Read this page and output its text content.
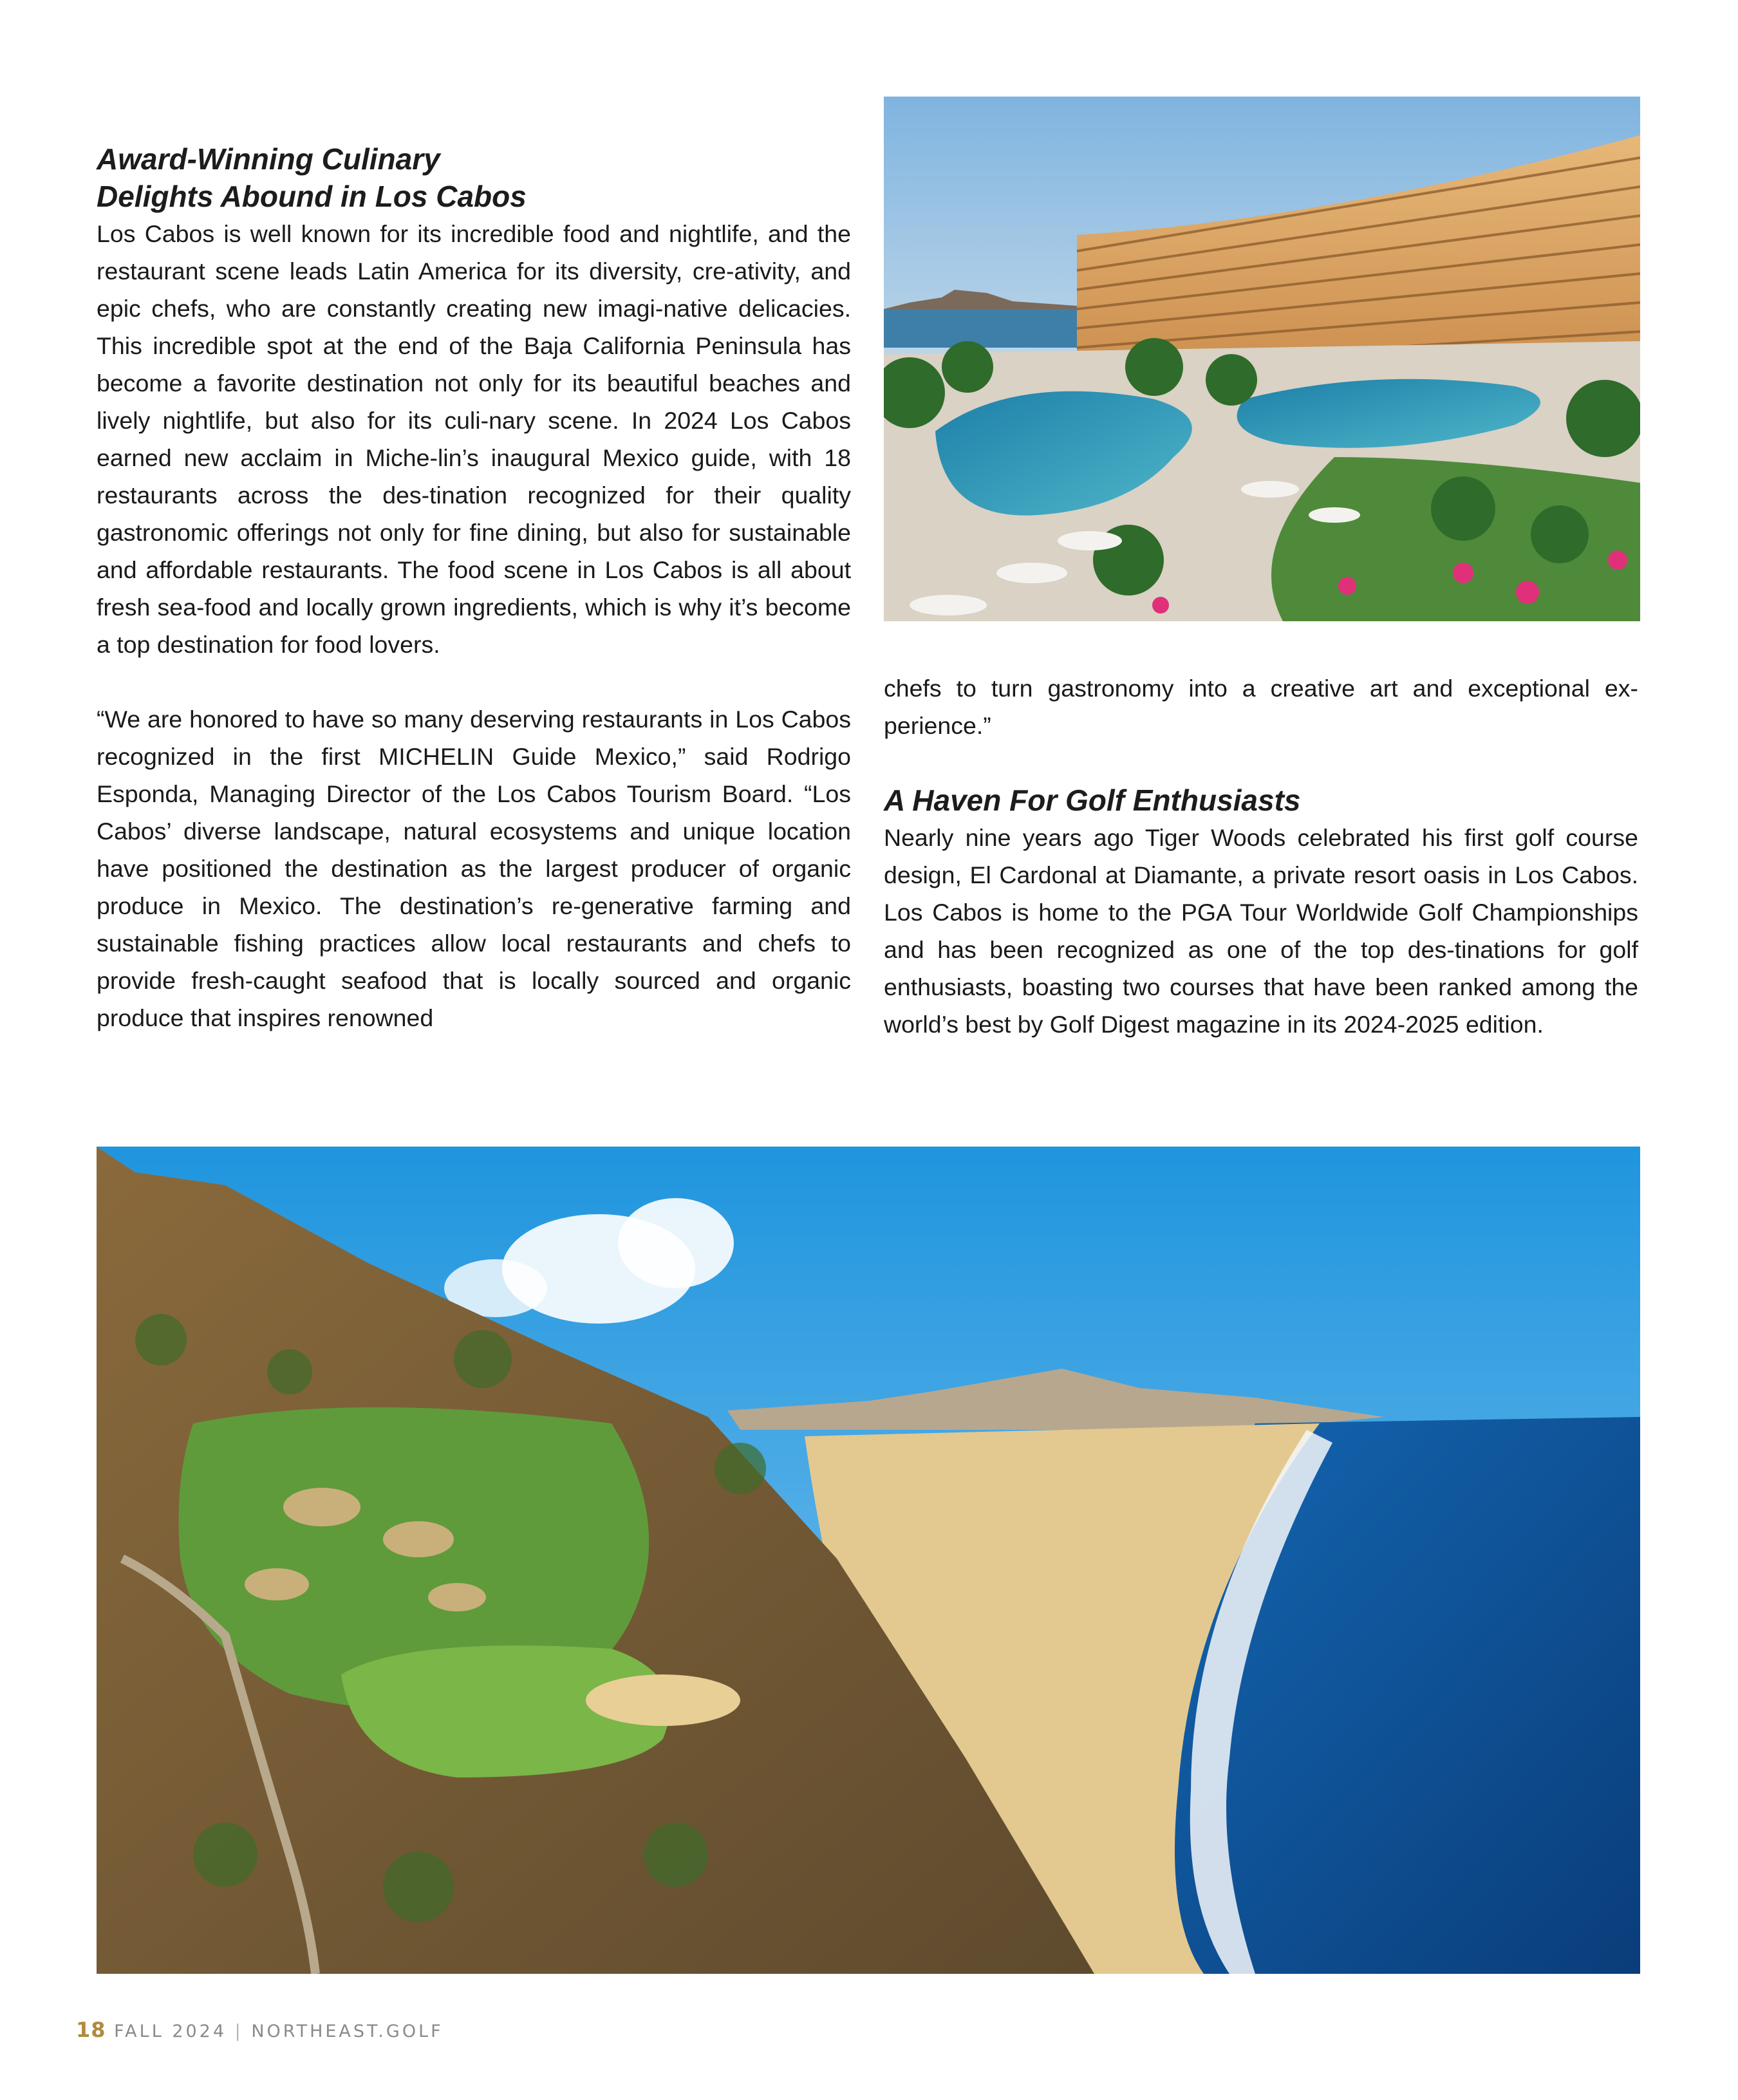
Award-Winning Culinary
Delights Abound in Los Cabos

Los Cabos is well known for its incredible food and nightlife, and the restaurant scene leads Latin America for its diversity, cre-ativity, and epic chefs, who are constantly creating new imagi-native delicacies. This incredible spot at the end of the Baja California Peninsula has become a favorite destination not only for its beautiful beaches and lively nightlife, but also for its culi-nary scene. In 2024 Los Cabos earned new acclaim in Miche-lin’s inaugural Mexico guide, with 18 restaurants across the des-tination recognized for their quality gastronomic offerings not only for fine dining, but also for sustainable and affordable restaurants. The food scene in Los Cabos is all about fresh sea-food and locally grown ingredients, which is why it’s become a top destination for food lovers.

“We are honored to have so many deserving restaurants in Los Cabos recognized in the first MICHELIN Guide Mexico,” said Rodrigo Esponda, Managing Director of the Los Cabos Tourism Board. “Los Cabos’ diverse landscape, natural ecosystems and unique location have positioned the destination as the largest producer of organic produce in Mexico. The destination’s re-generative farming and sustainable fishing practices allow local restaurants and chefs to provide fresh-caught seafood that is locally sourced and organic produce that inspires renowned

chefs to turn gastronomy into a creative art and exceptional ex-perience.”

A Haven For Golf Enthusiasts

Nearly nine years ago Tiger Woods celebrated his first golf course design, El Cardonal at Diamante, a private resort oasis in Los Cabos. Los Cabos is home to the PGA Tour Worldwide Golf Championships and has been recognized as one of the top des-tinations for golf enthusiasts, boasting two courses that have been ranked among the world’s best by Golf Digest magazine in its 2024-2025 edition.

18 FALL 2024 | NORTHEAST.GOLF
